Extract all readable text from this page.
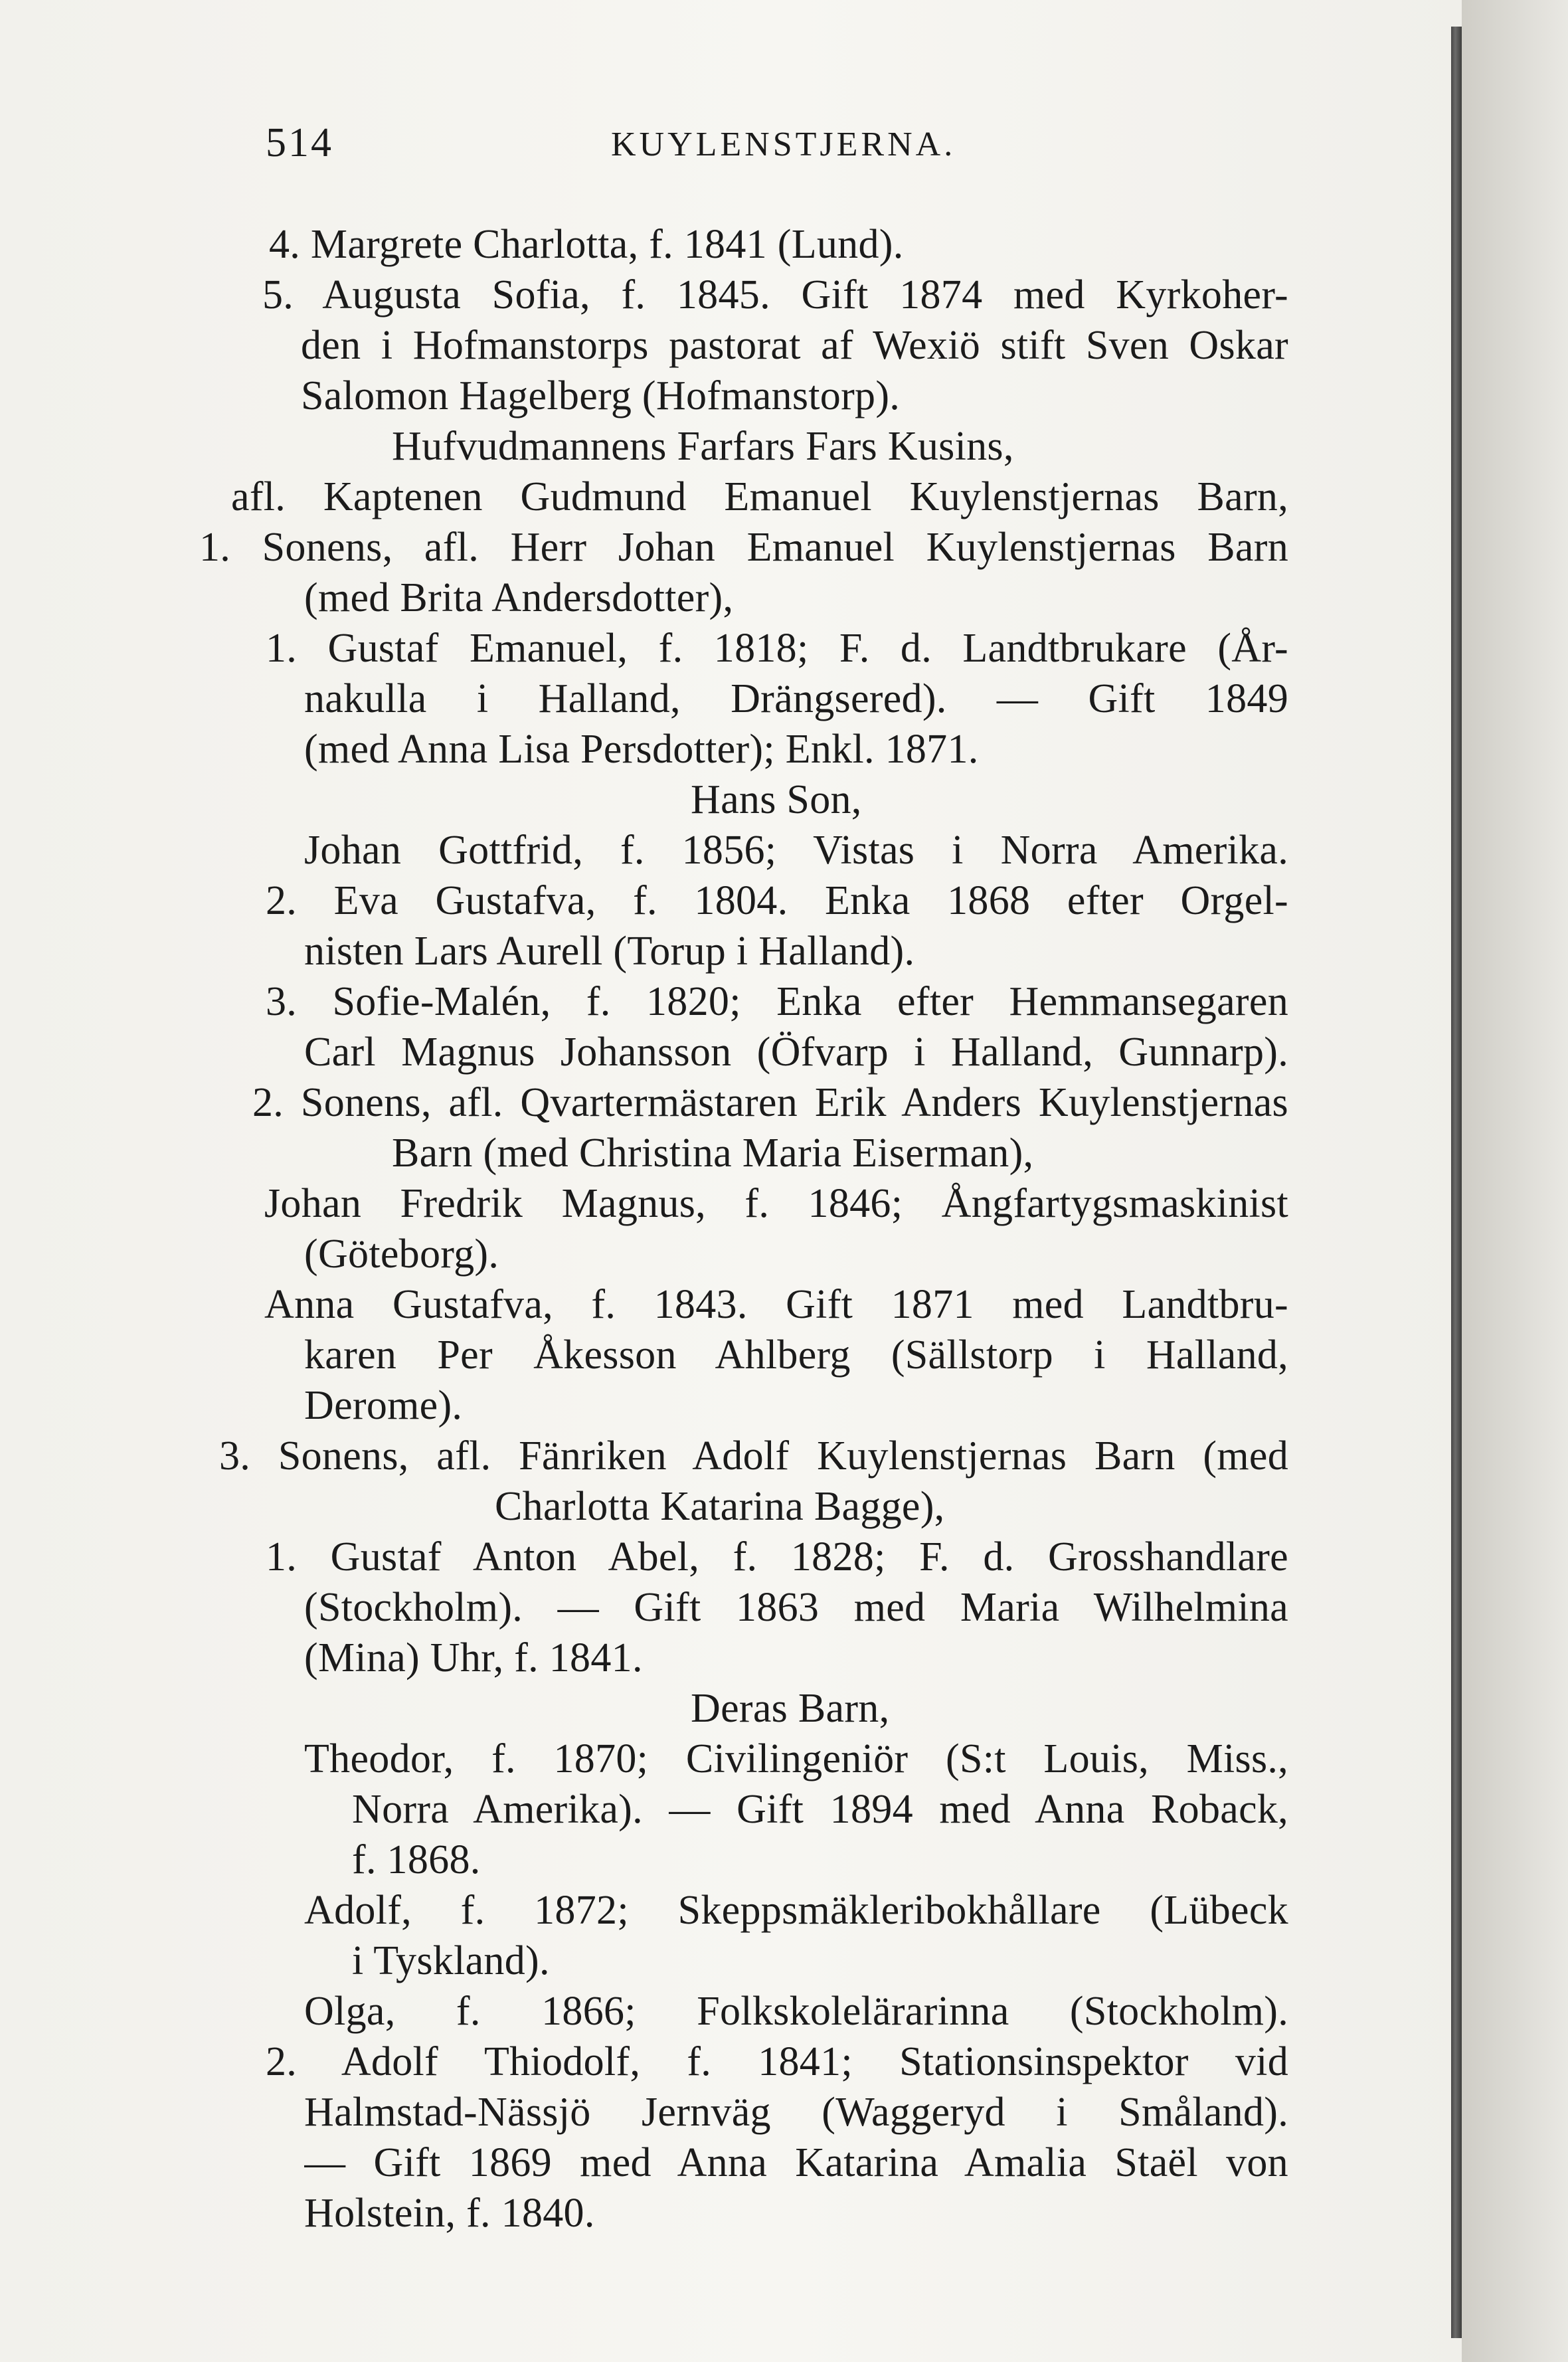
514	KUYLENSTJERNA.
4. Margrete Charlotta, f. 1841 (Lund).
5. Augusta Sofia, f. 1845. Gift 1874 med Kyrkoher-
den i Hofmanstorps pastorat af Wexiö stift Sven Oskar
Salomon Hagelberg (Hofmanstorp).
Hufvudmannens Farfars Fars Kusins,
afl. Kaptenen Gudmund Emanuel Kuylenstjernas Barn,
1. Sonens, afl. Herr Johan Emanuel Kuylenstjernas Barn
(med Brita Andersdotter),
1. Gustaf Emanuel, f. 1818; F. d. Landtbrukare (År-
nakulla i Halland, Drängsered). — Gift 1849
(med Anna Lisa Persdotter); Enkl. 1871.
Hans Son,
Johan Gottfrid, f. 1856; Vistas i Norra Amerika.
2. Eva Gustafva, f. 1804. Enka 1868 efter Orgel-
nisten Lars Aurell (Torup i Halland).
3. Sofie-Malén, f. 1820; Enka efter Hemmansegaren
Carl Magnus Johansson (Öfvarp i Halland, Gunnarp).
2. Sonens, afl. Qvartermästaren Erik Anders Kuylenstjernas
Barn (med Christina Maria Eiserman),
Johan Fredrik Magnus, f. 1846; Ångfartygsmaskinist
(Göteborg).
Anna Gustafva, f. 1843. Gift 1871 med Landtbru-
karen Per Åkesson Ahlberg (Sällstorp i Halland,
Derome).
3. Sonens, afl. Fänriken Adolf Kuylenstjernas Barn (med
Charlotta Katarina Bagge),
1. Gustaf Anton Abel, f. 1828; F. d. Grosshandlare
(Stockholm). — Gift 1863 med Maria Wilhelmina
(Mina) Uhr, f. 1841.
Deras Barn,
Theodor, f. 1870; Civilingeniör (S:t Louis, Miss.,
Norra Amerika). — Gift 1894 med Anna Roback,
f. 1868.
Adolf, f. 1872; Skeppsmäkleribokhållare (Lübeck
i Tyskland).
Olga, f. 1866; Folkskolelärarinna (Stockholm).
2. Adolf Thiodolf, f. 1841; Stationsinspektor vid
Halmstad-Nässjö Jernväg (Waggeryd i Småland).
— Gift 1869 med Anna Katarina Amalia Staël von
Holstein, f. 1840.
